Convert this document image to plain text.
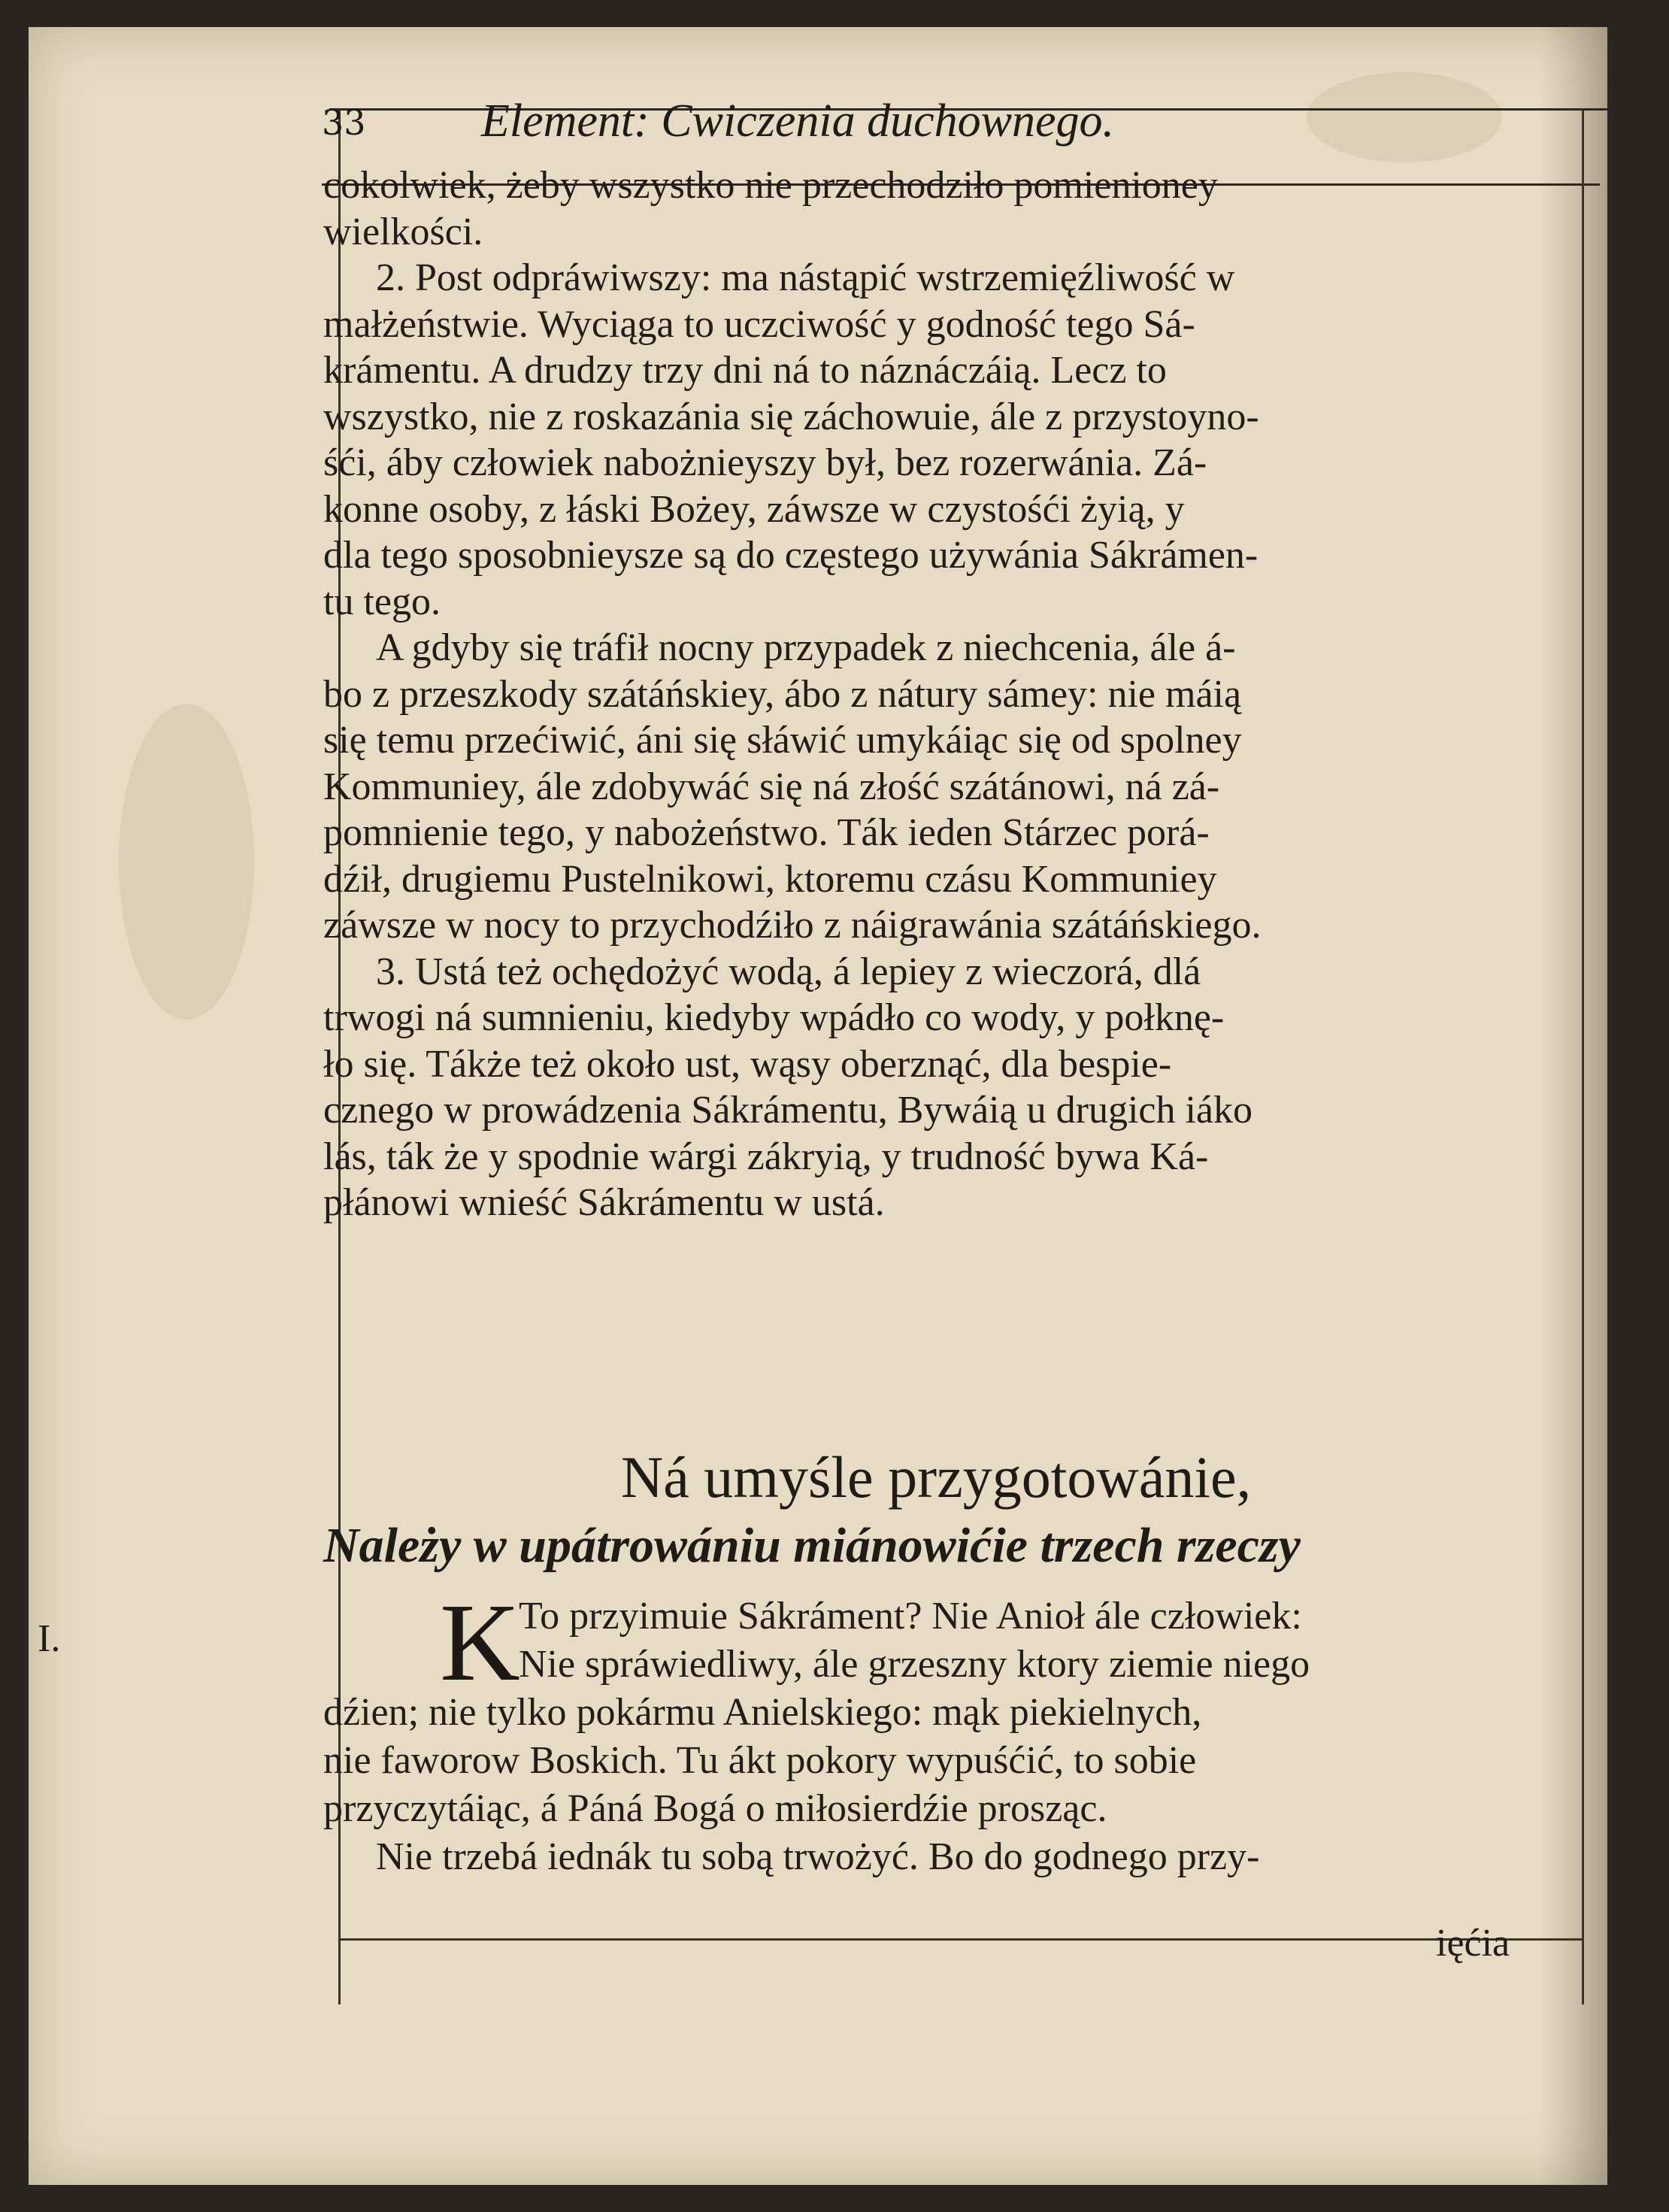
33 Element: Cwiczenia duchownego.
cokolwiek, żeby wszystko nie przechodziło pomienioney
wielkości.
2. Post odpráwiwszy: ma nástąpić wstrzemięźliwość w
małżeństwie. Wyciąga to uczciwość y godność tego Sá-
krámentu. A drudzy trzy dni ná to náznáczáią. Lecz to
wszystko, nie z roskazánia się záchowuie, ále z przystoyno-
śći, áby człowiek nabożnieyszy był, bez rozerwánia. Zá-
konne osoby, z łáski Bożey, záwsze w czystośći żyią, y
dla tego sposobnieysze są do częstego używánia Sákrámen-
tu tego.
A gdyby się tráfił nocny przypadek z niechcenia, ále á-
bo z przeszkody szátáńskiey, ábo z nátury sámey: nie máią
się temu przećiwić, áni się słáwić umykáiąc się od spolney
Kommuniey, ále zdobywáć się ná złość szátánowi, ná zá-
pomnienie tego, y nabożeństwo. Ták ieden Stárzec porá-
dźił, drugiemu Pustelnikowi, ktoremu czásu Kommuniey
záwsze w nocy to przychodźiło z náigrawánia szátáńskiego.
3. Ustá też ochędożyć wodą, á lepiey z wieczorá, dlá
trwogi ná sumnieniu, kiedyby wpádło co wody, y połknę-
ło się. Tákże też około ust, wąsy oberznąć, dla bespie-
cznego w prowádzenia Sákrámentu, Bywáią u drugich iáko
lás, ták że y spodnie wárgi zákryią, y trudność bywa Ká-
płánowi wnieść Sákrámentu w ustá.
Ná umyśle przygotowánie,
Należy w upátrowániu miánowićie trzech rzeczy
I.	K
To przyimuie Sákráment? Nie Anioł ále człowiek:
Nie spráwiedliwy, ále grzeszny ktory ziemie niego
dźien; nie tylko pokármu Anielskiego: mąk piekielnych,
nie faworow Boskich. Tu ákt pokory wypuśćić, to sobie
przyczytáiąc, á Páná Bogá o miłosierdźie prosząc.
Nie trzebá iednák tu sobą trwożyć. Bo do godnego przy-
ięćia
